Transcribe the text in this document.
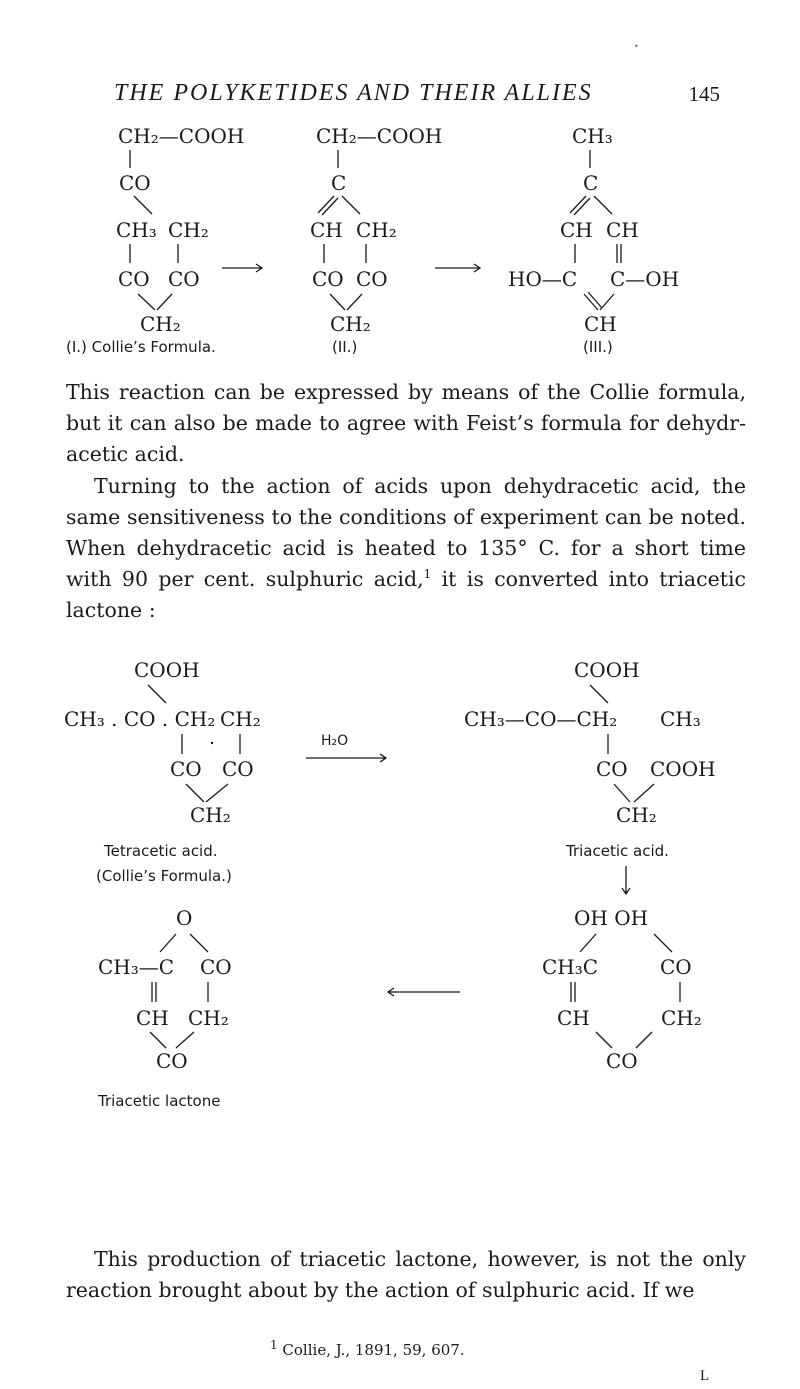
THE POLYKETIDES AND THEIR ALLIES	145
•
CH₂—COOH
CO
CH₃ CH₂
CO CO
CH₂
CH₂—COOH
C
CH CH₂
CO CO
CH₂
CH₃
C
CH CH
HO—C C—OH
CH
(I.) Collie’s Formula.	(II.)	(III.)

This reaction can be expressed by means of the Collie formula, but it can also be made to agree with Feist’s formula for dehydracetic acid.

Turning to the action of acids upon dehydracetic acid, the same sensitiveness to the conditions of experiment can be noted. When dehydracetic acid is heated to 135° C. for a short time with 90 per cent. sulphuric acid,$^1$ it is converted into triacetic lactone :

COOH
CH₃ . CO . CH₂ CH₂
CO CO
CH₂
Tetracetic acid.
(Collie’s Formula.)
H₂O
COOH
CH₃—CO—CH₂ CH₃
CO COOH
CH₂
Triacetic acid.
OH OH
CH₃C	CO
CH	CH₂
CO
O
CH₃—C CO
CH CH₂
CO
Triacetic lactone

This production of triacetic lactone, however, is not the only reaction brought about by the action of sulphuric acid. If we

$^1$ Collie, J., 1891, 59, 607.
L
